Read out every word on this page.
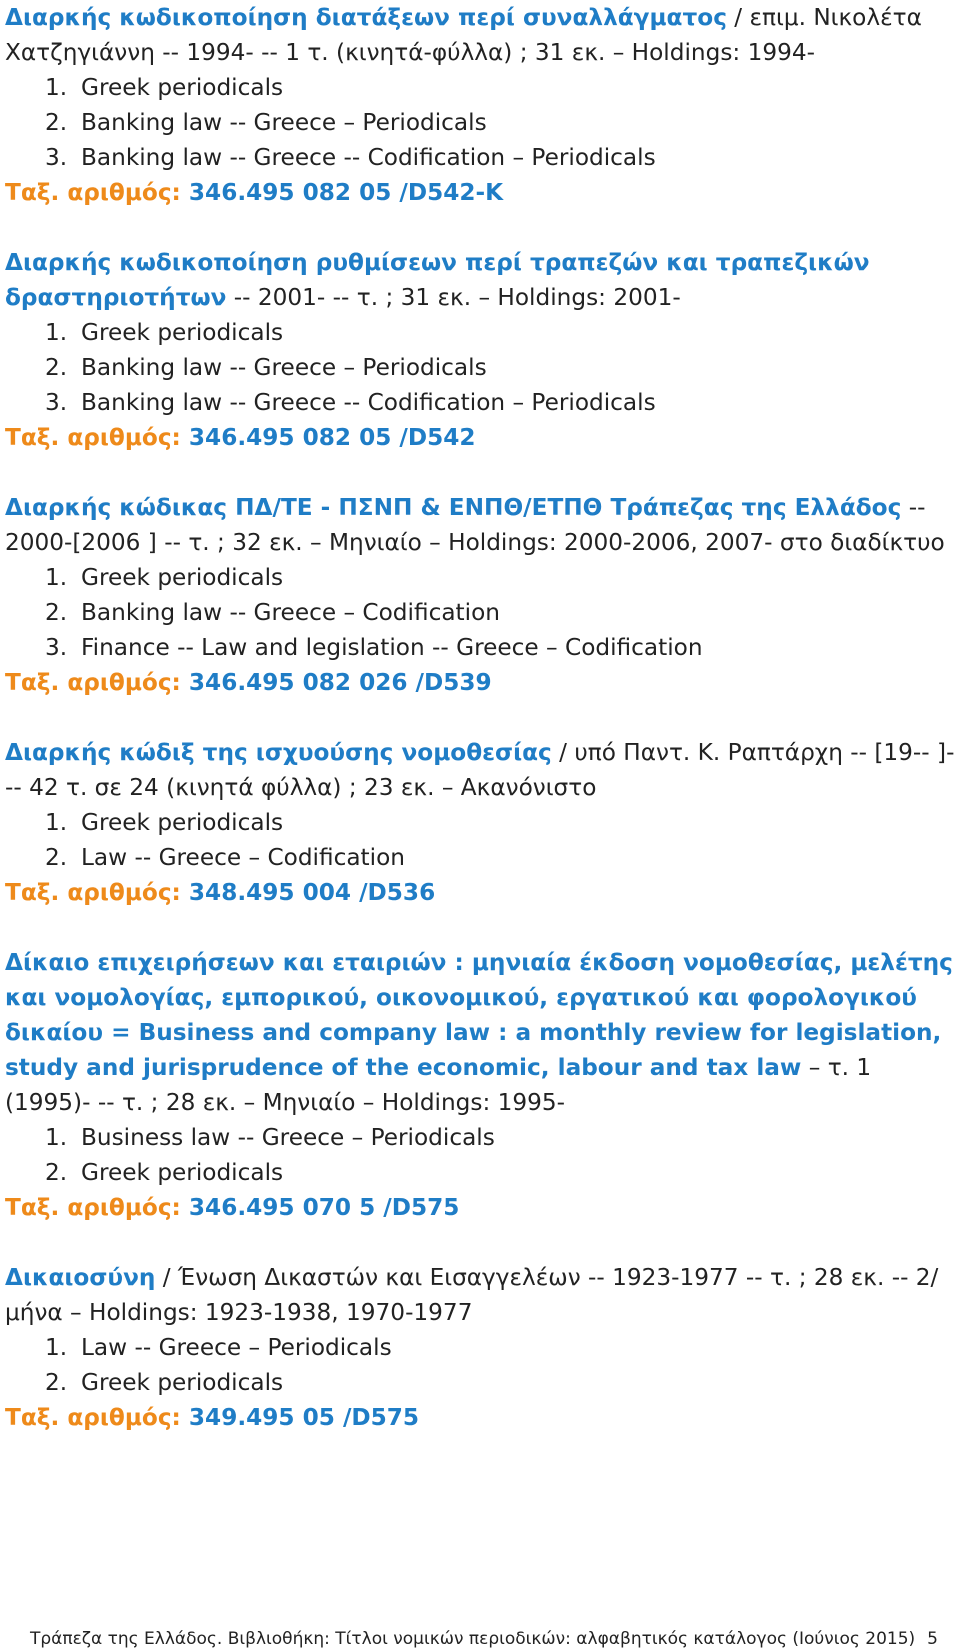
Διαρκής κωδικοποίηση διατάξεων περί συναλλάγματος / επιμ. Νικολέτα Χατζηγιάννη -- 1994- -- 1 τ. (κινητά-φύλλα) ; 31 εκ. – Holdings: 1994-
1. Greek periodicals
2. Banking law -- Greece – Periodicals
3. Banking law -- Greece -- Codification – Periodicals
Ταξ. αριθμός: 346.495 082 05 /D542-K
Διαρκής κωδικοποίηση ρυθμίσεων περί τραπεζών και τραπεζικών δραστηριοτήτων -- 2001- -- τ. ; 31 εκ. – Holdings: 2001-
1. Greek periodicals
2. Banking law -- Greece – Periodicals
3. Banking law -- Greece -- Codification – Periodicals
Ταξ. αριθμός: 346.495 082 05 /D542
Διαρκής κώδικας ΠΔ/ΤΕ - ΠΣΝΠ & ΕΝΠΘ/ΕΤΠΘ Τράπεζας της Ελλάδος -- 2000-[2006 ] -- τ. ; 32 εκ. – Μηνιαίο – Holdings: 2000-2006, 2007- στο διαδίκτυο
1. Greek periodicals
2. Banking law -- Greece – Codification
3. Finance -- Law and legislation -- Greece – Codification
Ταξ. αριθμός: 346.495 082 026 /D539
Διαρκής κώδιξ της ισχυούσης νομοθεσίας / υπό Παντ. Κ. Ραπτάρχη -- [19-- ]- -- 42 τ. σε 24 (κινητά φύλλα) ; 23 εκ. – Ακανόνιστο
1. Greek periodicals
2. Law -- Greece – Codification
Ταξ. αριθμός: 348.495 004 /D536
Δίκαιο επιχειρήσεων και εταιριών : μηνιαία έκδοση νομοθεσίας, μελέτης και νομολογίας, εμπορικού, οικονομικού, εργατικού και φορολογικού δικαίου = Business and company law : a monthly review for legislation, study and jurisprudence of the economic, labour and tax law – τ. 1 (1995)- -- τ. ; 28 εκ. – Μηνιαίο – Holdings: 1995-
1. Business law -- Greece – Periodicals
2. Greek periodicals
Ταξ. αριθμός: 346.495 070 5 /D575
Δικαιοσύνη / Ένωση Δικαστών και Εισαγγελέων -- 1923-1977 -- τ. ; 28 εκ. -- 2/μήνα – Holdings: 1923-1938, 1970-1977
1. Law -- Greece – Periodicals
2. Greek periodicals
Ταξ. αριθμός: 349.495 05 /D575
Τράπεζα της Ελλάδος. Βιβλιοθήκη: Τίτλοι νομικών περιοδικών: αλφαβητικός κατάλογος (Ιούνιος 2015) 5
